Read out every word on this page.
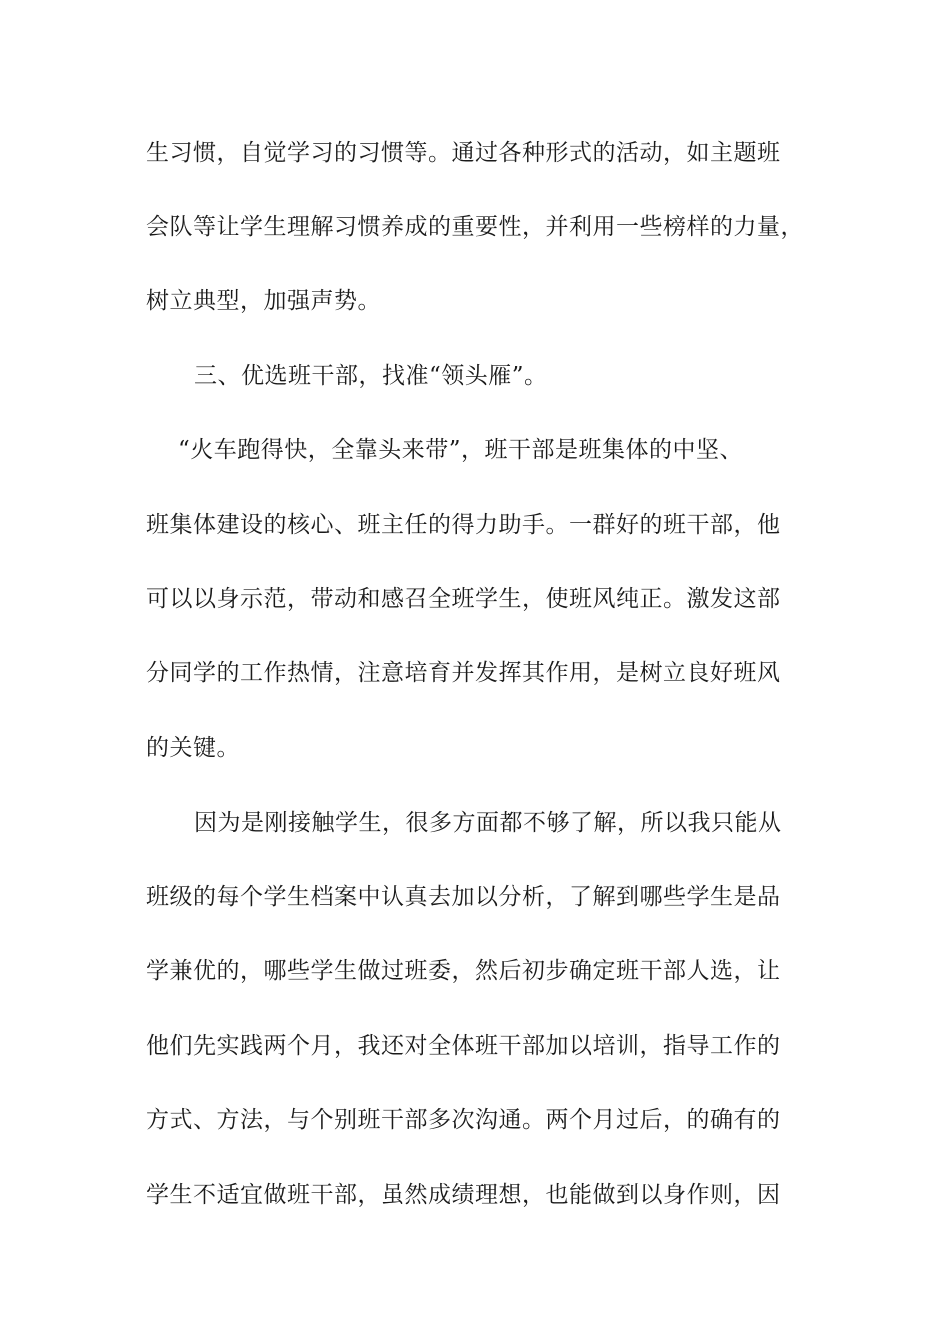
生习惯，自觉学习的习惯等。通过各种形式的活动，如主题班
会队等让学生理解习惯养成的重要性，并利用一些榜样的力量，
树立典型，加强声势。
三、优选班干部，找准“领头雁”。
“火车跑得快，全靠头来带”，班干部是班集体的中坚、
班集体建设的核心、班主任的得力助手。一群好的班干部，他
可以以身示范，带动和感召全班学生，使班风纯正。激发这部
分同学的工作热情，注意培育并发挥其作用，是树立良好班风
的关键。
因为是刚接触学生，很多方面都不够了解，所以我只能从
班级的每个学生档案中认真去加以分析，了解到哪些学生是品
学兼优的，哪些学生做过班委，然后初步确定班干部人选，让
他们先实践两个月，我还对全体班干部加以培训，指导工作的
方式、方法，与个别班干部多次沟通。两个月过后，的确有的
学生不适宜做班干部，虽然成绩理想，也能做到以身作则，因
